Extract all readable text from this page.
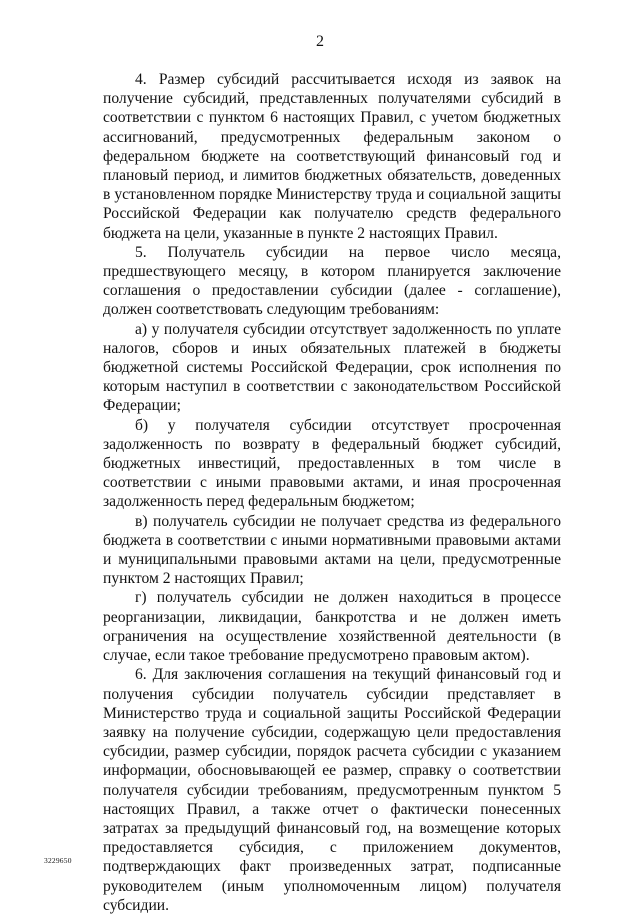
2

4. Размер субсидий рассчитывается исходя из заявок на получение субсидий, представленных получателями субсидий в соответствии с пунктом 6 настоящих Правил, с учетом бюджетных ассигнований, предусмотренных федеральным законом о федеральном бюджете на соответствующий финансовый год и плановый период, и лимитов бюджетных обязательств, доведенных в установленном порядке Министерству труда и социальной защиты Российской Федерации как получателю средств федерального бюджета на цели, указанные в пункте 2 настоящих Правил.

5. Получатель субсидии на первое число месяца, предшествующего месяцу, в котором планируется заключение соглашения о предоставлении субсидии (далее - соглашение), должен соответствовать следующим требованиям:

а) у получателя субсидии отсутствует задолженность по уплате налогов, сборов и иных обязательных платежей в бюджеты бюджетной системы Российской Федерации, срок исполнения по которым наступил в соответствии с законодательством Российской Федерации;

б) у получателя субсидии отсутствует просроченная задолженность по возврату в федеральный бюджет субсидий, бюджетных инвестиций, предоставленных в том числе в соответствии с иными правовыми актами, и иная просроченная задолженность перед федеральным бюджетом;

в) получатель субсидии не получает средства из федерального бюджета в соответствии с иными нормативными правовыми актами и муниципальными правовыми актами на цели, предусмотренные пунктом 2 настоящих Правил;

г) получатель субсидии не должен находиться в процессе реорганизации, ликвидации, банкротства и не должен иметь ограничения на осуществление хозяйственной деятельности (в случае, если такое требование предусмотрено правовым актом).

6. Для заключения соглашения на текущий финансовый год и получения субсидии получатель субсидии представляет в Министерство труда и социальной защиты Российской Федерации заявку на получение субсидии, содержащую цели предоставления субсидии, размер субсидии, порядок расчета субсидии с указанием информации, обосновывающей ее размер, справку о соответствии получателя субсидии требованиям, предусмотренным пунктом 5 настоящих Правил, а также отчет о фактически понесенных затратах за предыдущий финансовый год, на возмещение которых предоставляется субсидия, с приложением документов, подтверждающих факт произведенных затрат, подписанные руководителем (иным уполномоченным лицом) получателя субсидии.

3229650
